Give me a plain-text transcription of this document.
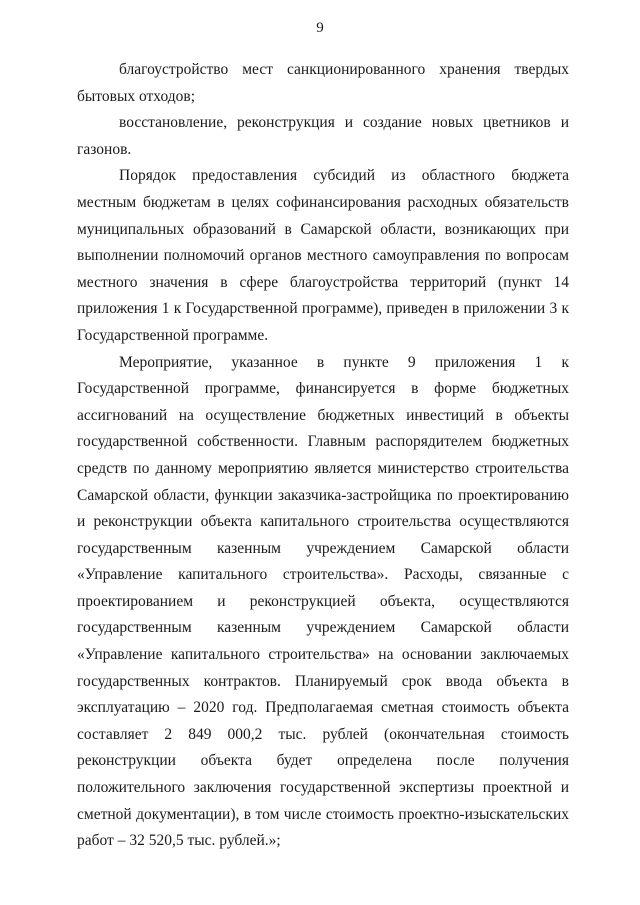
9

благоустройство мест санкционированного хранения твердых бытовых отходов;

восстановление, реконструкция и создание новых цветников и газонов.

Порядок предоставления субсидий из областного бюджета местным бюджетам в целях софинансирования расходных обязательств муниципальных образований в Самарской области, возникающих при выполнении полномочий органов местного самоуправления по вопросам местного значения в сфере благоустройства территорий (пункт 14 приложения 1 к Государственной программе), приведен в приложении 3 к Государственной программе.

Мероприятие, указанное в пункте 9 приложения 1 к Государственной программе, финансируется в форме бюджетных ассигнований на осуществление бюджетных инвестиций в объекты государственной собственности. Главным распорядителем бюджетных средств по данному мероприятию является министерство строительства Самарской области, функции заказчика-застройщика по проектированию и реконструкции объекта капитального строительства осуществляются государственным казенным учреждением Самарской области «Управление капитального строительства». Расходы, связанные с проектированием и реконструкцией объекта, осуществляются государственным казенным учреждением Самарской области «Управление капитального строительства» на основании заключаемых государственных контрактов. Планируемый срок ввода объекта в эксплуатацию – 2020 год. Предполагаемая сметная стоимость объекта составляет 2 849 000,2 тыс. рублей (окончательная стоимость реконструкции объекта будет определена после получения положительного заключения государственной экспертизы проектной и сметной документации), в том числе стоимость проектно-изыскательских работ – 32 520,5 тыс. рублей.»;
